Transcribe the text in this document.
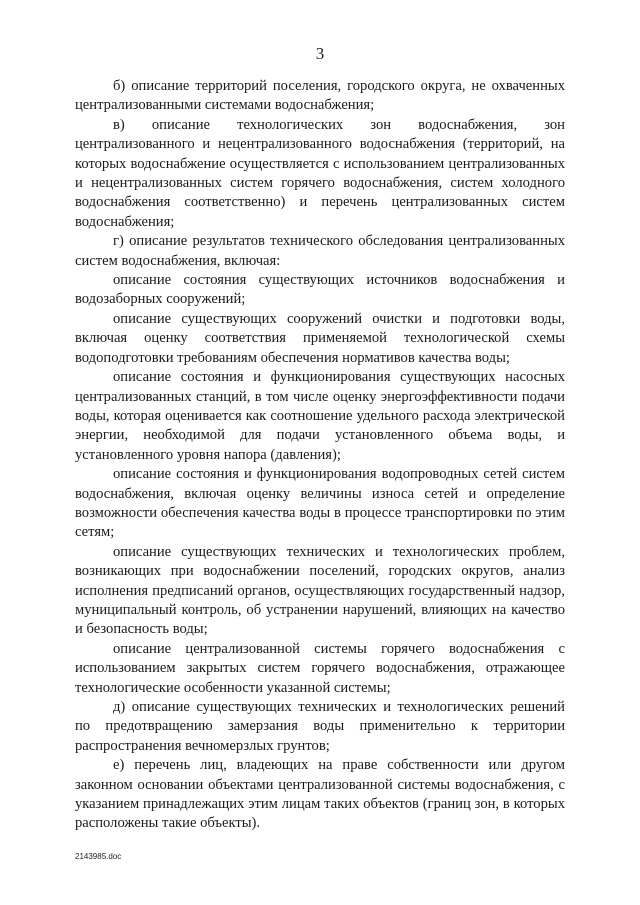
3

б) описание территорий поселения, городского округа, не охваченных централизованными системами водоснабжения;

в) описание технологических зон водоснабжения, зон централизованного и нецентрализованного водоснабжения (территорий, на которых водоснабжение осуществляется с использованием централизованных и нецентрализованных систем горячего водоснабжения, систем холодного водоснабжения соответственно) и перечень централизованных систем водоснабжения;

г) описание результатов технического обследования централизованных систем водоснабжения, включая:

описание состояния существующих источников водоснабжения и водозаборных сооружений;

описание существующих сооружений очистки и подготовки воды, включая оценку соответствия применяемой технологической схемы водоподготовки требованиям обеспечения нормативов качества воды;

описание состояния и функционирования существующих насосных централизованных станций, в том числе оценку энергоэффективности подачи воды, которая оценивается как соотношение удельного расхода электрической энергии, необходимой для подачи установленного объема воды, и установленного уровня напора (давления);

описание состояния и функционирования водопроводных сетей систем водоснабжения, включая оценку величины износа сетей и определение возможности обеспечения качества воды в процессе транспортировки по этим сетям;

описание существующих технических и технологических проблем, возникающих при водоснабжении поселений, городских округов, анализ исполнения предписаний органов, осуществляющих государственный надзор, муниципальный контроль, об устранении нарушений, влияющих на качество и безопасность воды;

описание централизованной системы горячего водоснабжения с использованием закрытых систем горячего водоснабжения, отражающее технологические особенности указанной системы;

д) описание существующих технических и технологических решений по предотвращению замерзания воды применительно к территории распространения вечномерзлых грунтов;

е) перечень лиц, владеющих на праве собственности или другом законном основании объектами централизованной системы водоснабжения, с указанием принадлежащих этим лицам таких объектов (границ зон, в которых расположены такие объекты).

2143985.doc
